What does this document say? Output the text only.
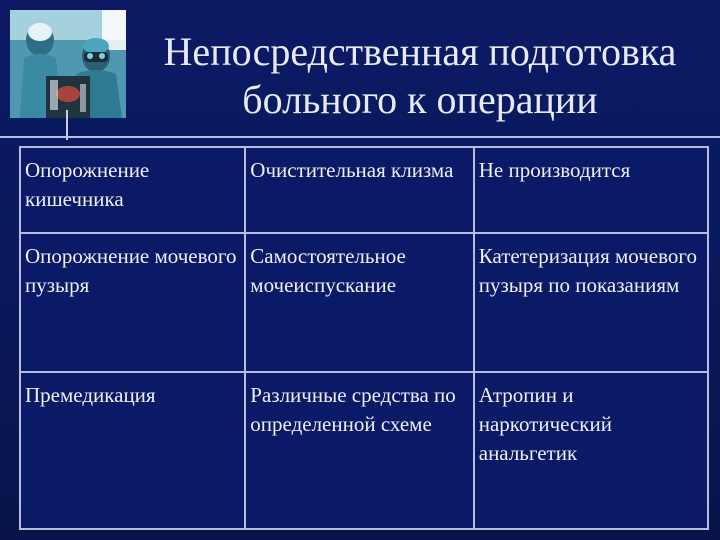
Непосредственная подготовка
больного к операции
Опорожнение кишечника	Очистительная клизма	Не производится
Опорожнение мочевого пузыря	Самостоятельное мочеиспускание	Катетеризация мочевого пузыря по показаниям
Премедикация	Различные средства по определенной схеме	Атропин и наркотический анальгетик
